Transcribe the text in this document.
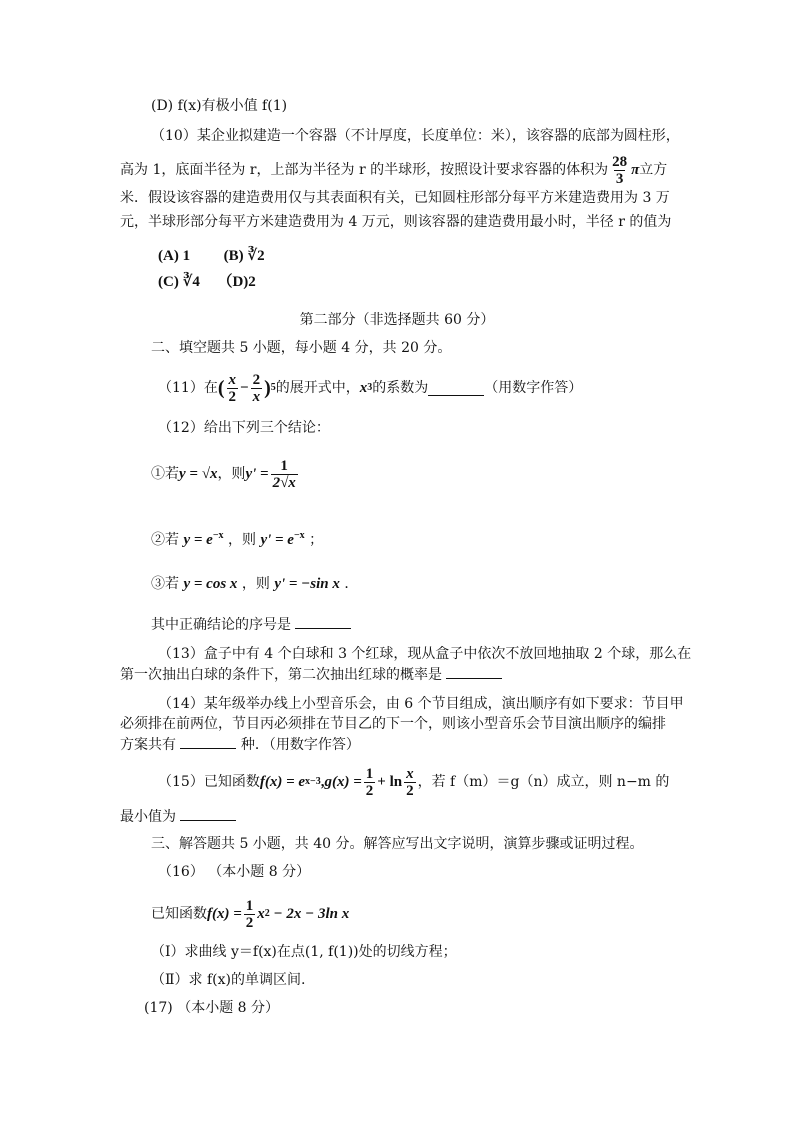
(D) f(x)有极小值 f(1)
（10）某企业拟建造一个容器（不计厚度，长度单位：米），该容器的底部为圆柱形，
高为 1，底面半径为 r，上部为半径为 r 的半球形，按照设计要求容器的体积为 $\frac{28}{3}$ π 立方
米．假设该容器的建造费用仅与其表面积有关，已知圆柱形部分每平方米建造费用为 3 万
元，半球形部分每平方米建造费用为 4 万元，则该容器的建造费用最小时，半径 r 的值为
(A) 1 (B) ∛2
(C) ∛4 （D)2
第二部分（非选择题共 60 分）
二、填空题共 5 小题，每小题 4 分，共 20 分。
（11）在 ( $\frac{x}{2} - \frac{2}{x}$ ) 5 的展开式中， x 3 的系数为	（用数字作答）
（12）给出下列三个结论：
①若 y = √x ，则 $y' = \frac{1}{2√x}$
②若 $y = e^{-x}$ ，则 $y' = e^{-x}$ ；
③若 y = cos x ，则 y' = −sin x ．
其中正确结论的序号是
（13）盒子中有 4 个白球和 3 个红球，现从盒子中依次不放回地抽取 2 个球，那么在
第一次抽出白球的条件下，第二次抽出红球的概率是
（14）某年级举办线上小型音乐会，由 6 个节目组成，演出顺序有如下要求：节目甲
必须排在前两位，节目丙必须排在节目乙的下一个，则该小型音乐会节目演出顺序的编排
方案共有	种．（用数字作答）
（15）已知函数 f(x) = e x−3 , $g(x) = \frac{1}{2} + \ln \frac{x}{2}$ ，若 f（m）＝g（n）成立，则 n−m 的
最小值为
三、解答题共 5 小题，共 40 分。解答应写出文字说明，演算步骤或证明过程。
（16） （本小题 8 分）
已知函数 $f(x) = \frac{1}{2}$ x 2 − 2x − 3ln x
（Ⅰ）求曲线 y＝f(x)在点(1, f(1))处的切线方程；
（Ⅱ）求 f(x)的单调区间.
(17) （本小题 8 分）
